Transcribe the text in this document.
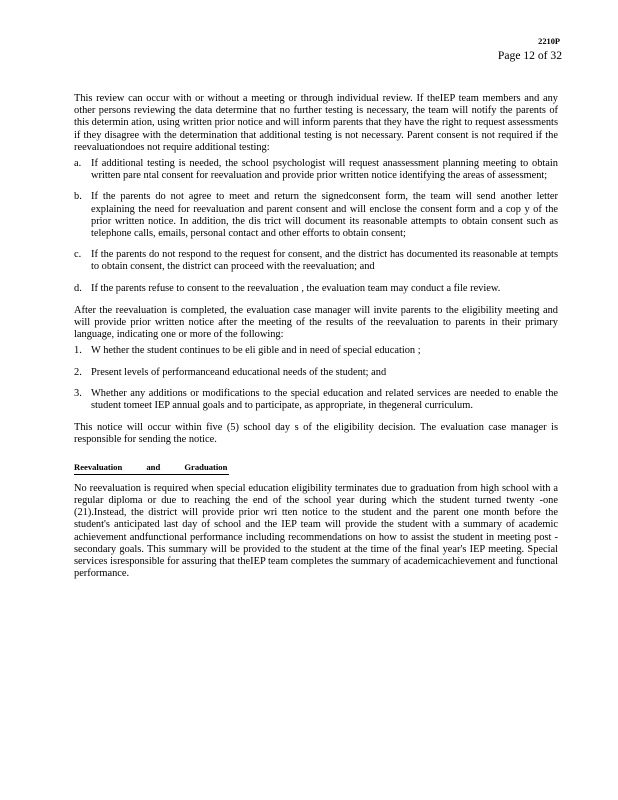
2210P
Page 12 of 32

This review can occur with or without a meeting or through individual review. If theIEP team members and any other persons reviewing the data determine that no further testing is necessary, the team will notify the parents of this determin ation, using written prior notice and will inform parents that they have the right to request assessments if they disagree with the determination that additional testing is not necessary. Parent consent is not required if the reevaluationdoes not require additional testing:

a. If additional testing is needed, the school psychologist will request anassessment planning meeting to obtain written pare ntal consent for reevaluation and provide prior written notice identifying the areas of assessment;
b. If the parents do not agree to meet and return the signedconsent form, the team will send another letter explaining the need for reevaluation and parent consent and will enclose the consent form and a cop y of the prior written notice. In addition, the dis trict will document its reasonable attempts to obtain consent such as telephone calls, emails, personal contact and other efforts to obtain consent;
c. If the parents do not respond to the request for consent, and the district has documented its reasonable at tempts to obtain consent, the district can proceed with the reevaluation; and
d. If the parents refuse to consent to the reevaluation , the evaluation team may conduct a file review.

After the reevaluation is completed, the evaluation case manager will invite parents to the eligibility meeting and will provide prior written notice after the meeting of the results of the reevaluation to parents in their primary language, indicating one or more of the following:

1. W hether the student continues to be eli gible and in need of special education ;
2. Present levels of performanceand educational needs of the student; and
3. Whether any additions or modifications to the special education and related services are needed to enable the student tomeet IEP annual goals and to participate, as appropriate, in thegeneral curriculum.

This notice will occur within five (5) school day s of the eligibility decision. The evaluation case manager is responsible for sending the notice.

Reevaluation and Graduation

No reevaluation is required when special education eligibility terminates due to graduation from high school with a regular diploma or due to reaching the end of the school year during which the student turned twenty -one (21).Instead, the district will provide prior wri tten notice to the student and the parent one month before the student's anticipated last day of school and the IEP team will provide the student with a summary of academic achievement andfunctional performance including recommendations on how to assist the student in meeting post -secondary goals. This summary will be provided to the student at the time of the final year's IEP meeting. Special services isresponsible for assuring that theIEP team completes the summary of academicachievement and functional performance.
